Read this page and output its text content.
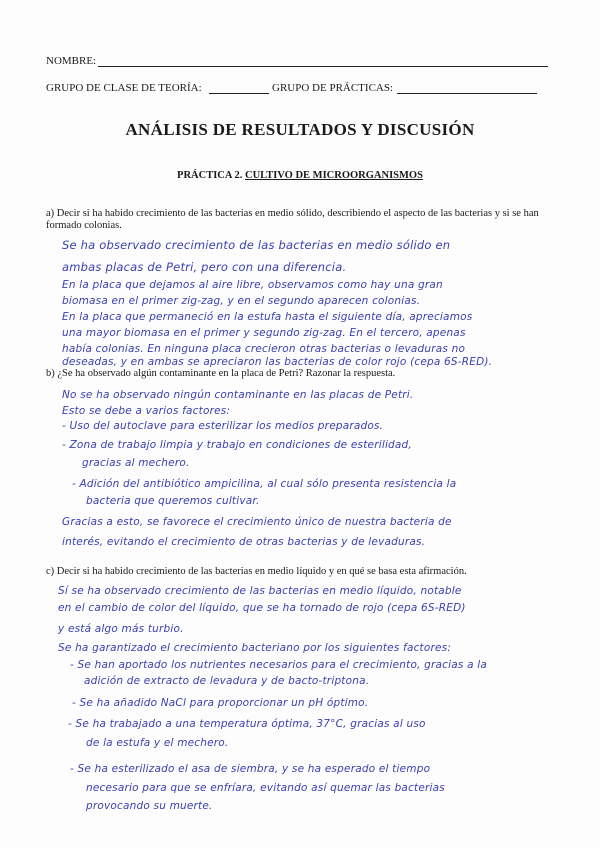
NOMBRE:
GRUPO DE CLASE DE TEORÍA:	GRUPO DE PRÁCTICAS:
ANÁLISIS DE RESULTADOS Y DISCUSIÓN
PRÁCTICA 2. CULTIVO DE MICROORGANISMOS
a) Decir si ha habido crecimiento de las bacterias en medio sólido, describiendo el aspecto de las bacterias y si se han formado colonias.
Se ha observado crecimiento de las bacterias en medio sólido en
ambas placas de Petri, pero con una diferencia.
En la placa que dejamos al aire libre, observamos como hay una gran
biomasa en el primer zig-zag, y en el segundo aparecen colonias.
En la placa que permaneció en la estufa hasta el siguiente día, apreciamos
una mayor biomasa en el primer y segundo zig-zag. En el tercero, apenas
había colonias. En ninguna placa crecieron otras bacterias o levaduras no
deseadas, y en ambas se apreciaron las bacterias de color rojo (cepa 6S-RED).
b) ¿Se ha observado algún contaminante en la placa de Petri? Razonar la respuesta.
No se ha observado ningún contaminante en las placas de Petri.
Esto se debe a varios factores:
- Uso del autoclave para esterilizar los medios preparados.
- Zona de trabajo limpia y trabajo en condiciones de esterilidad,
gracias al mechero.
- Adición del antibiótico ampicilina, al cual sólo presenta resistencia la
bacteria que queremos cultivar.
Gracias a esto, se favorece el crecimiento único de nuestra bacteria de
interés, evitando el crecimiento de otras bacterias y de levaduras.
c) Decir si ha habido crecimiento de las bacterias en medio líquido y en qué se basa esta afirmación.
Sí se ha observado crecimiento de las bacterias en medio líquido, notable
en el cambio de color del líquido, que se ha tornado de rojo (cepa 6S-RED)
y está algo más turbio.
Se ha garantizado el crecimiento bacteriano por los siguientes factores:
- Se han aportado los nutrientes necesarios para el crecimiento, gracias a la
adición de extracto de levadura y de bacto-triptona.
- Se ha añadido NaCl para proporcionar un pH óptimo.
- Se ha trabajado a una temperatura óptima, 37°C, gracias al uso
de la estufa y el mechero.
- Se ha esterilizado el asa de siembra, y se ha esperado el tiempo
necesario para que se enfríara, evitando así quemar las bacterias
provocando su muerte.
